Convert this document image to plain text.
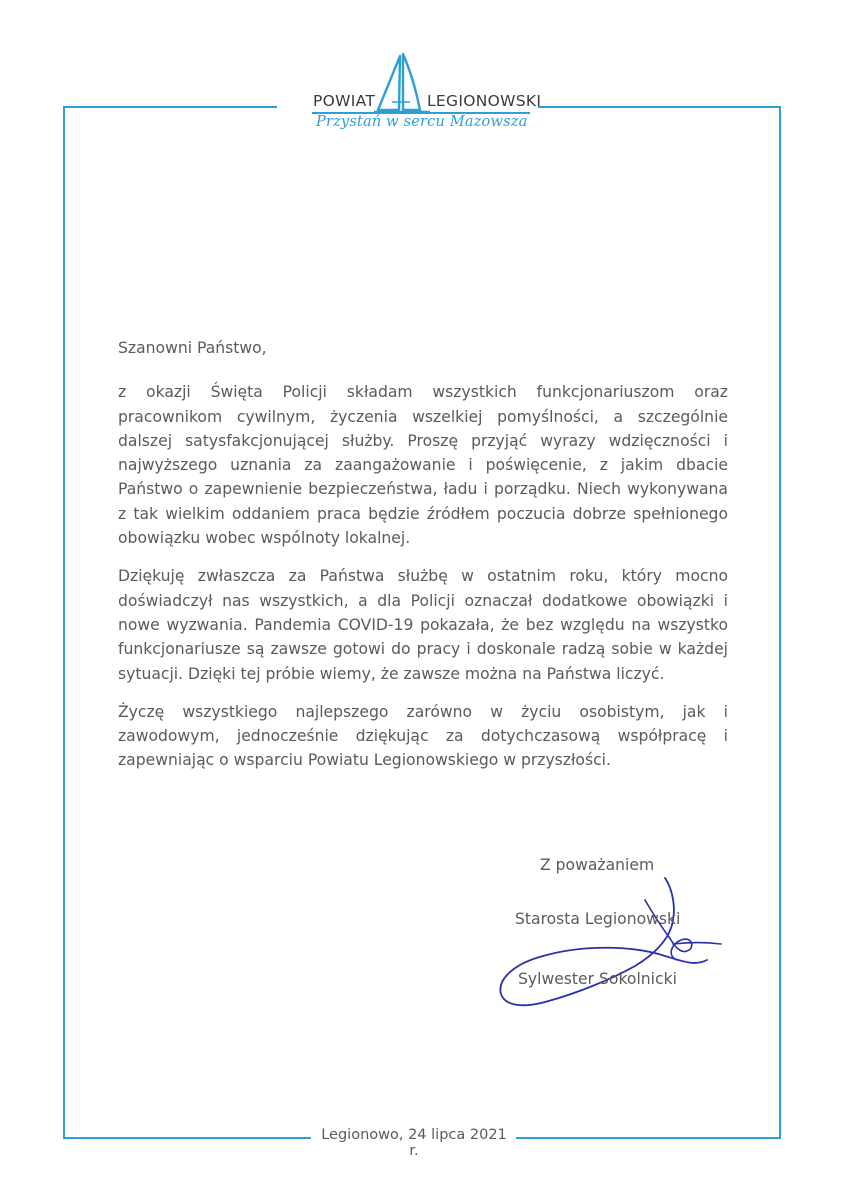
POWIAT	LEGIONOWSKI
Przystań w sercu Mazowsza

Szanowni Państwo,

z okazji Święta Policji składam wszystkich funkcjonariuszom oraz pracownikom cywilnym, życzenia wszelkiej pomyślności, a szczególnie dalszej satysfakcjonującej służby. Proszę przyjąć wyrazy wdzięczności i najwyższego uznania za zaangażowanie i poświęcenie, z jakim dbacie Państwo o zapewnienie bezpieczeństwa, ładu i porządku. Niech wykonywana z tak wielkim oddaniem praca będzie źródłem poczucia dobrze spełnionego obowiązku wobec wspólnoty lokalnej.

Dziękuję zwłaszcza za Państwa służbę w ostatnim roku, który mocno doświadczył nas wszystkich, a dla Policji oznaczał dodatkowe obowiązki i nowe wyzwania. Pandemia COVID-19 pokazała, że bez względu na wszystko funkcjonariusze są zawsze gotowi do pracy i doskonale radzą sobie w każdej sytuacji. Dzięki tej próbie wiemy, że zawsze można na Państwa liczyć.

Życzę wszystkiego najlepszego zarówno w życiu osobistym, jak i zawodowym, jednocześnie dziękując za dotychczasową współpracę i zapewniając o wsparciu Powiatu Legionowskiego w przyszłości.

Z poważaniem
Starosta Legionowski
Sylwester Sokolnicki
Legionowo, 24 lipca 2021 r.
